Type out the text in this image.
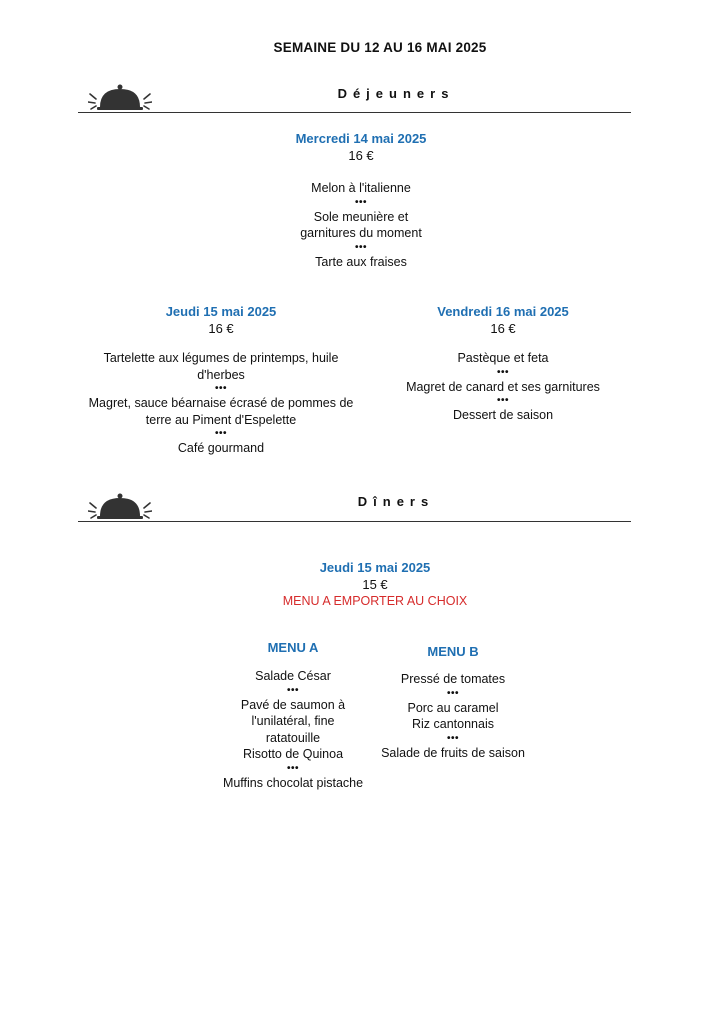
SEMAINE DU 12 AU 16 MAI 2025
Déjeuners
Mercredi 14 mai 2025
16 €
Melon à l'italienne
•••
Sole meunière et
garnitures du moment
•••
Tarte aux fraises
Jeudi 15 mai 2025
16 €
Tartelette aux légumes de printemps, huile
d'herbes
•••
Magret, sauce béarnaise écrasé de pommes de
terre au Piment d'Espelette
•••
Café gourmand
Vendredi 16 mai 2025
16 €
Pastèque et feta
•••
Magret de canard et ses garnitures
•••
Dessert de saison
Dîners
Jeudi 15 mai 2025
15 €
MENU A EMPORTER AU CHOIX
MENU A
Salade César
•••
Pavé de saumon à
l'unilatéral, fine
ratatouille
Risotto de Quinoa
•••
Muffins chocolat pistache
MENU B
Pressé de tomates
•••
Porc au caramel
Riz cantonnais
•••
Salade de fruits de saison
